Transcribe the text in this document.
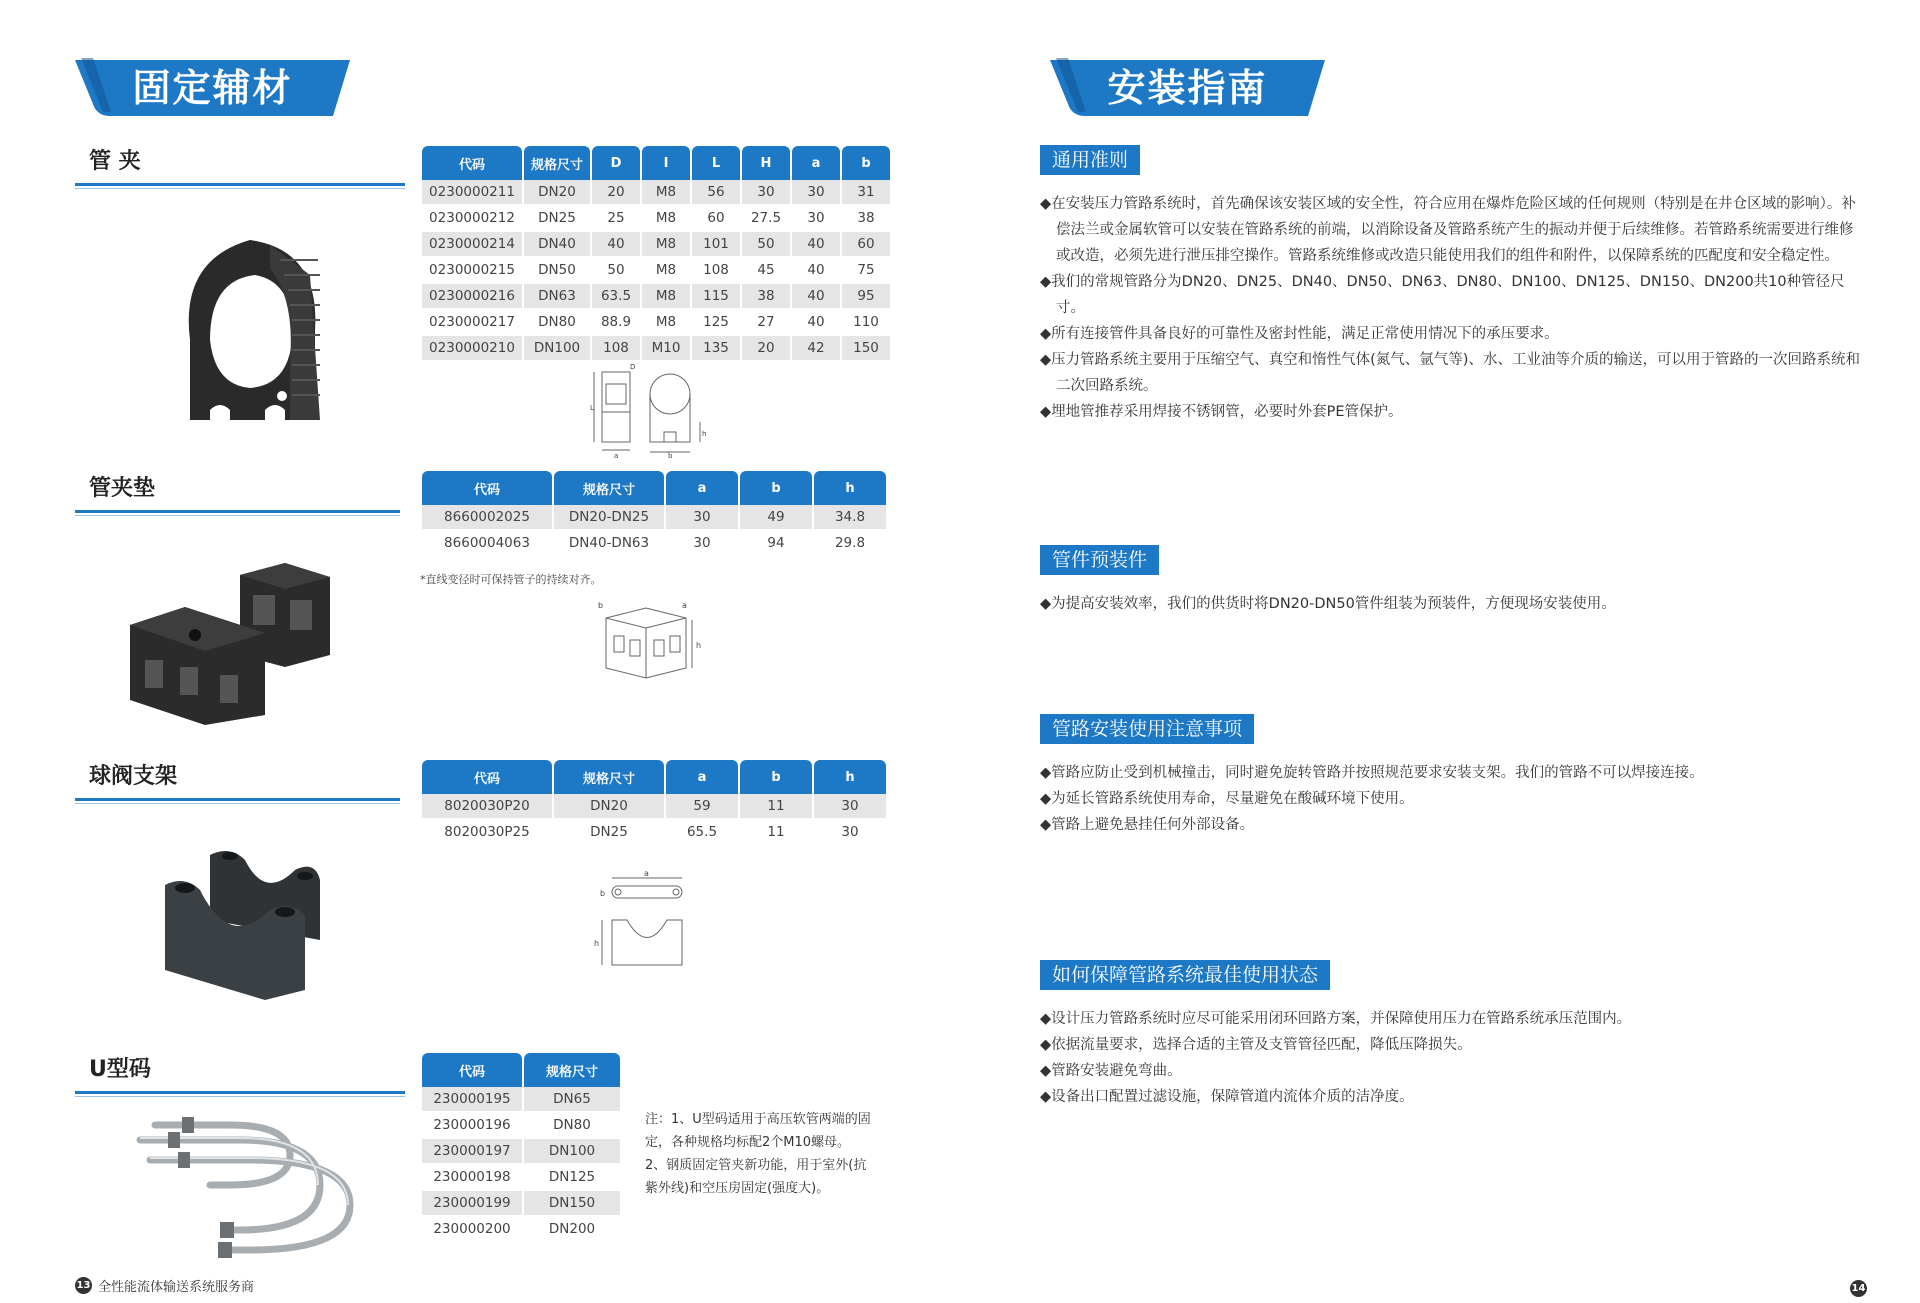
固定辅材
管 夹	代码	规格尺寸	D	I	L	H	a	b
0230000211	DN20	20	M8	56	30	30	31
0230000212	DN25	25	M8	60	27.5	30	38
0230000214	DN40	40	M8	101	50	40	60
0230000215	DN50	50	M8	108	45	40	75
0230000216	DN63	63.5	M8	115	38	40	95
0230000217	DN80	88.9	M8	125	27	40	110
0230000210	DN100	108	M10	135	20	42	150
D
L
h
a	b
管夹垫	代码	规格尺寸	a	b	h
8660002025	DN20-DN25	30	49	34.8
8660004063	DN40-DN63	30	94	29.8
*直线变径时可保持管子的持续对齐。
b	a
h
球阀支架	代码	规格尺寸	a	b	h
8020030P20	DN20	59	11	30
8020030P25	DN25	65.5	11	30
a
b
h
U型码	代码	规格尺寸
230000195	DN65
230000196	DN80
230000197	DN100
230000198	DN125
230000199	DN150
230000200	DN200
注：1、U型码适用于高压软管两端的固
定，各种规格均标配2个M10螺母。
2、钢质固定管夹新功能，用于室外(抗
紫外线)和空压房固定(强度大)。
13 全性能流体输送系统服务商
安装指南
通用准则

◆在安装压力管路系统时，首先确保该安装区域的安全性，符合应用在爆炸危险区域的任何规则（特别是在井仓区域的影响）。补偿法兰或金属软管可以安装在管路系统的前端，以消除设备及管路系统产生的振动并便于后续维修。若管路系统需要进行维修或改造，必须先进行泄压排空操作。管路系统维修或改造只能使用我们的组件和附件，以保障系统的匹配度和安全稳定性。

◆我们的常规管路分为DN20、DN25、DN40、DN50、DN63、DN80、DN100、DN125、DN150、DN200共10种管径尺寸。

◆所有连接管件具备良好的可靠性及密封性能，满足正常使用情况下的承压要求。

◆压力管路系统主要用于压缩空气、真空和惰性气体(氮气、氩气等)、水、工业油等介质的输送，可以用于管路的一次回路系统和二次回路系统。

◆埋地管推荐采用焊接不锈钢管，必要时外套PE管保护。

管件预装件

◆为提高安装效率，我们的供货时将DN20-DN50管件组装为预装件，方便现场安装使用。

管路安装使用注意事项

◆管路应防止受到机械撞击，同时避免旋转管路并按照规范要求安装支架。我们的管路不可以焊接连接。

◆为延长管路系统使用寿命，尽量避免在酸碱环境下使用。

◆管路上避免悬挂任何外部设备。

如何保障管路系统最佳使用状态

◆设计压力管路系统时应尽可能采用闭环回路方案，并保障使用压力在管路系统承压范围内。

◆依据流量要求，选择合适的主管及支管管径匹配，降低压降损失。

◆管路安装避免弯曲。

◆设备出口配置过滤设施，保障管道内流体介质的洁净度。

14
